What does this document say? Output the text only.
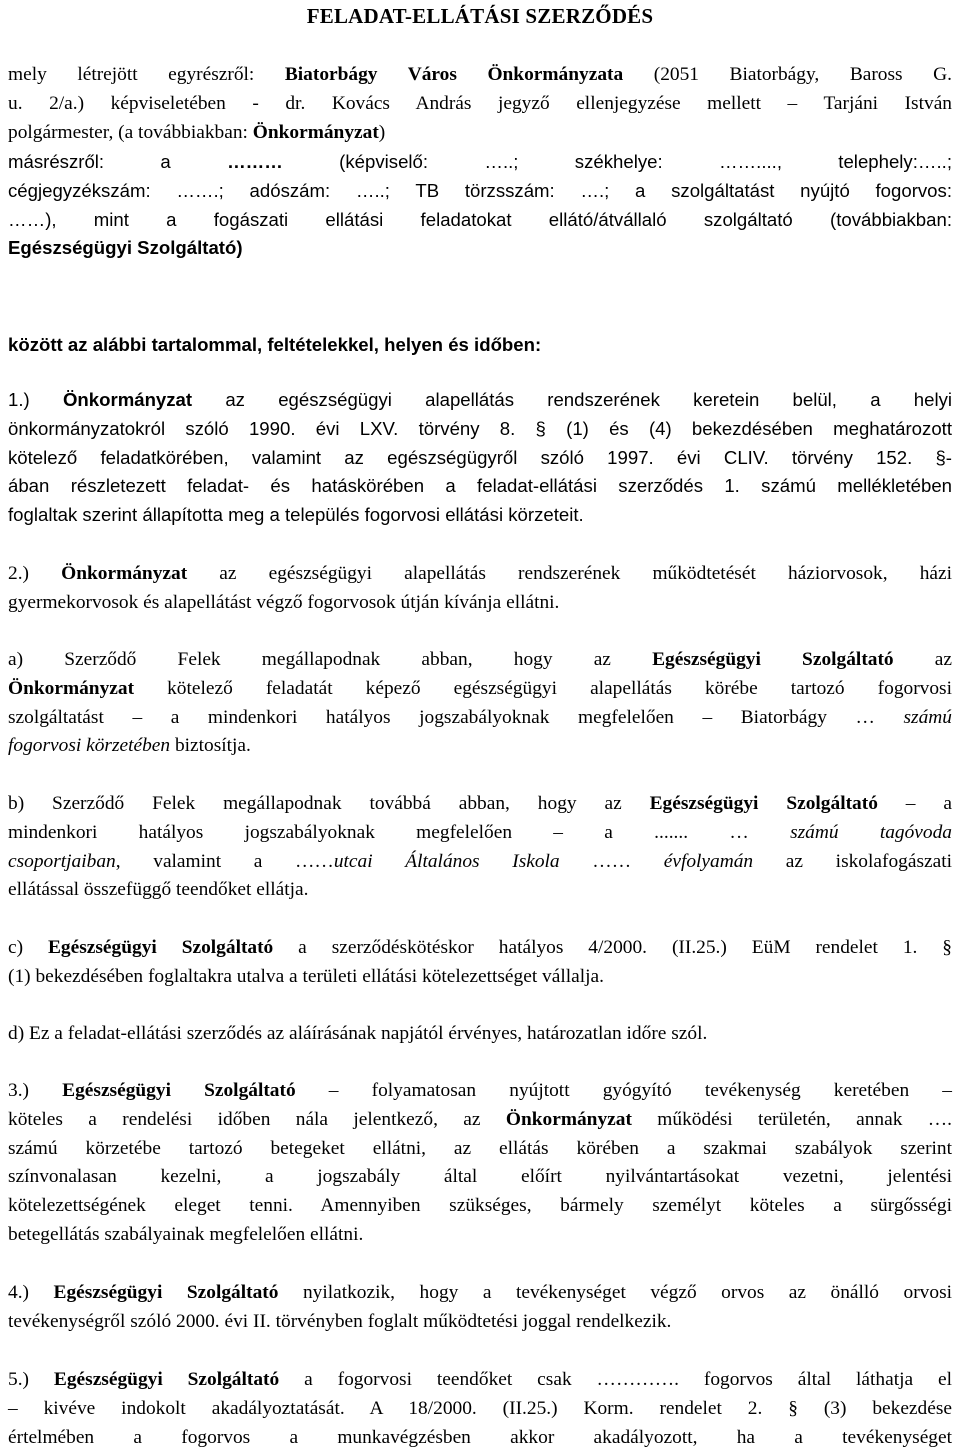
FELADAT-ELLÁTÁSI SZERZŐDÉS
mely létrejött egyrészről: Biatorbágy Város Önkormányzata (2051 Biatorbágy, Baross G.
u. 2/a.) képviseletében - dr. Kovács András jegyző ellenjegyzése mellett – Tarjáni István
polgármester, (a továbbiakban: Önkormányzat)
másrészről: a ……… (képviselő: …..; székhelye: ……...., telephely:…..;
cégjegyzékszám: …….; adószám: …..; TB törzsszám: ….; a szolgáltatást nyújtó fogorvos:
……), mint a fogászati ellátási feladatokat ellátó/átvállaló szolgáltató (továbbiakban:
Egészségügyi Szolgáltató)
között az alábbi tartalommal, feltételekkel, helyen és időben:
1.) Önkormányzat az egészségügyi alapellátás rendszerének keretein belül, a helyi
önkormányzatokról szóló 1990. évi LXV. törvény 8. § (1) és (4) bekezdésében meghatározott
kötelező feladatkörében, valamint az egészségügyről szóló 1997. évi CLIV. törvény 152. §-
ában részletezett feladat- és hatáskörében a feladat-ellátási szerződés 1. számú mellékletében
foglaltak szerint állapította meg a település fogorvosi ellátási körzeteit.
2.) Önkormányzat az egészségügyi alapellátás rendszerének működtetését háziorvosok, házi
gyermekorvosok és alapellátást végző fogorvosok útján kívánja ellátni.
a) Szerződő Felek megállapodnak abban, hogy az Egészségügyi Szolgáltató az
Önkormányzat kötelező feladatát képező egészségügyi alapellátás körébe tartozó fogorvosi
szolgáltatást – a mindenkori hatályos jogszabályoknak megfelelően – Biatorbágy … számú
fogorvosi körzetében biztosítja.
b) Szerződő Felek megállapodnak továbbá abban, hogy az Egészségügyi Szolgáltató – a
mindenkori hatályos jogszabályoknak megfelelően – a ....... … számú tagóvoda
csoportjaiban, valamint a ……utcai Általános Iskola …… évfolyamán az iskolafogászati
ellátással összefüggő teendőket ellátja.
c) Egészségügyi Szolgáltató a szerződéskötéskor hatályos 4/2000. (II.25.) EüM rendelet 1. §
(1) bekezdésében foglaltakra utalva a területi ellátási kötelezettséget vállalja.
d) Ez a feladat-ellátási szerződés az aláírásának napjától érvényes, határozatlan időre szól.
3.) Egészségügyi Szolgáltató – folyamatosan nyújtott gyógyító tevékenység keretében –
köteles a rendelési időben nála jelentkező, az Önkormányzat működési területén, annak ….
számú körzetébe tartozó betegeket ellátni, az ellátás körében a szakmai szabályok szerint
színvonalasan kezelni, a jogszabály által előírt nyilvántartásokat vezetni, jelentési
kötelezettségének eleget tenni. Amennyiben szükséges, bármely személyt köteles a sürgősségi
betegellátás szabályainak megfelelően ellátni.
4.) Egészségügyi Szolgáltató nyilatkozik, hogy a tevékenységet végző orvos az önálló orvosi
tevékenységről szóló 2000. évi II. törvényben foglalt működtetési joggal rendelkezik.
5.) Egészségügyi Szolgáltató a fogorvosi teendőket csak …………. fogorvos által láthatja el
– kivéve indokolt akadályoztatását. A 18/2000. (II.25.) Korm. rendelet 2. § (3) bekezdése
értelmében a fogorvos a munkavégzésben akkor akadályozott, ha a tevékenységet
